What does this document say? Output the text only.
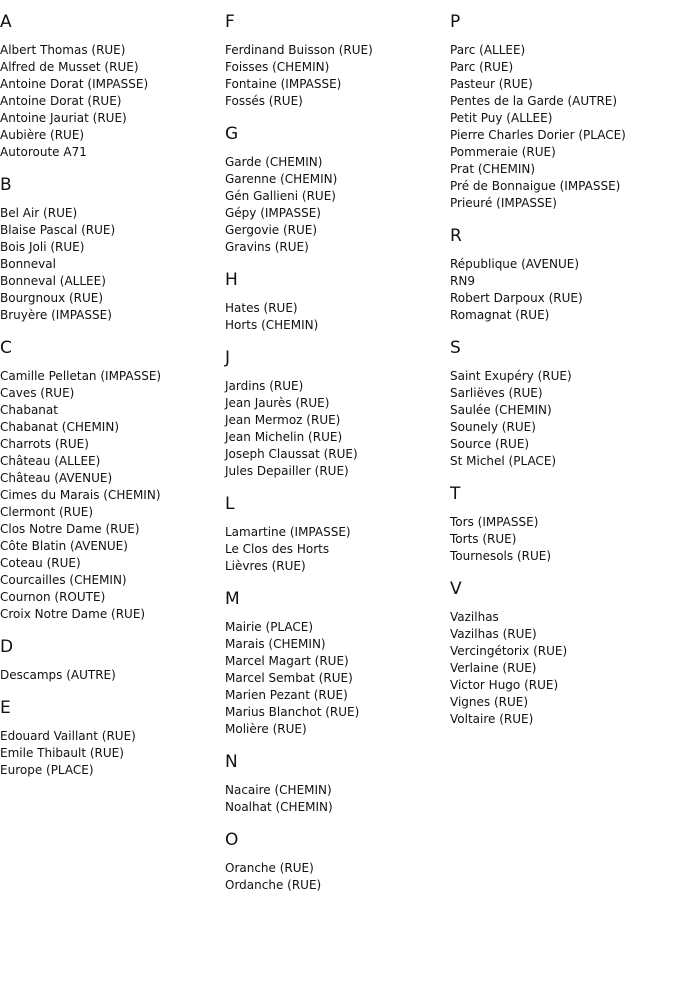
A
Albert Thomas (RUE)
Alfred de Musset (RUE)
Antoine Dorat (IMPASSE)
Antoine Dorat (RUE)
Antoine Jauriat (RUE)
Aubière (RUE)
Autoroute A71
B
Bel Air (RUE)
Blaise Pascal (RUE)
Bois Joli (RUE)
Bonneval
Bonneval (ALLEE)
Bourgnoux (RUE)
Bruyère (IMPASSE)
C
Camille Pelletan (IMPASSE)
Caves (RUE)
Chabanat
Chabanat (CHEMIN)
Charrots (RUE)
Château (ALLEE)
Château (AVENUE)
Cimes du Marais (CHEMIN)
Clermont (RUE)
Clos Notre Dame (RUE)
Côte Blatin (AVENUE)
Coteau (RUE)
Courcailles (CHEMIN)
Cournon (ROUTE)
Croix Notre Dame (RUE)
D
Descamps (AUTRE)
E
Edouard Vaillant (RUE)
Emile Thibault (RUE)
Europe (PLACE)
F
Ferdinand Buisson (RUE)
Foisses (CHEMIN)
Fontaine (IMPASSE)
Fossés (RUE)
G
Garde (CHEMIN)
Garenne (CHEMIN)
Gén Gallieni (RUE)
Gépy (IMPASSE)
Gergovie (RUE)
Gravins (RUE)
H
Hates (RUE)
Horts (CHEMIN)
J
Jardins (RUE)
Jean Jaurès (RUE)
Jean Mermoz (RUE)
Jean Michelin (RUE)
Joseph Claussat (RUE)
Jules Depailler (RUE)
L
Lamartine (IMPASSE)
Le Clos des Horts
Lièvres (RUE)
M
Mairie (PLACE)
Marais (CHEMIN)
Marcel Magart (RUE)
Marcel Sembat (RUE)
Marien Pezant (RUE)
Marius Blanchot (RUE)
Molière (RUE)
N
Nacaire (CHEMIN)
Noalhat (CHEMIN)
O
Oranche (RUE)
Ordanche (RUE)
P
Parc (ALLEE)
Parc (RUE)
Pasteur (RUE)
Pentes de la Garde (AUTRE)
Petit Puy (ALLEE)
Pierre Charles Dorier (PLACE)
Pommeraie (RUE)
Prat (CHEMIN)
Pré de Bonnaigue (IMPASSE)
Prieuré (IMPASSE)
R
République (AVENUE)
RN9
Robert Darpoux (RUE)
Romagnat (RUE)
S
Saint Exupéry (RUE)
Sarliëves (RUE)
Saulée (CHEMIN)
Sounely (RUE)
Source (RUE)
St Michel (PLACE)
T
Tors (IMPASSE)
Torts (RUE)
Tournesols (RUE)
V
Vazilhas
Vazilhas (RUE)
Vercingétorix (RUE)
Verlaine (RUE)
Victor Hugo (RUE)
Vignes (RUE)
Voltaire (RUE)
